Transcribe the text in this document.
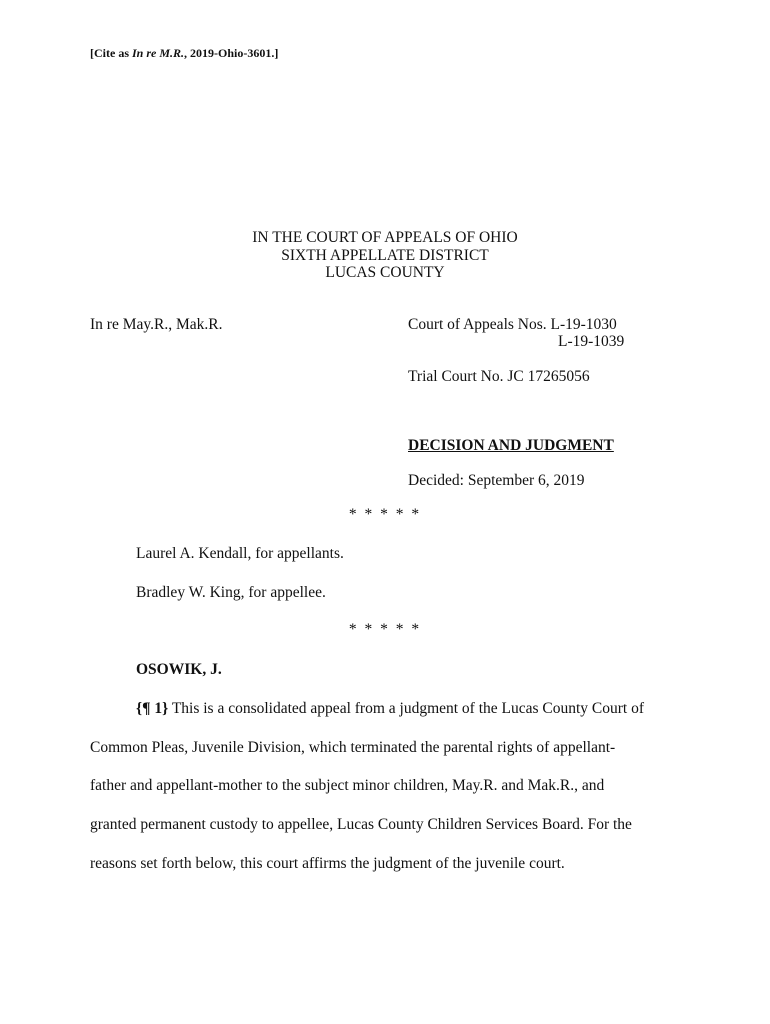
[Cite as In re M.R., 2019-Ohio-3601.]
IN THE COURT OF APPEALS OF OHIO
SIXTH APPELLATE DISTRICT
LUCAS COUNTY
In re May.R., Mak.R.	Court of Appeals Nos. L-19-1030
L-19-1039
Trial Court No. JC 17265056
DECISION AND JUDGMENT
Decided: September 6, 2019
* * * * *
Laurel A. Kendall, for appellants.
Bradley W. King, for appellee.
* * * * *
OSOWIK, J.
{¶ 1} This is a consolidated appeal from a judgment of the Lucas County Court of
Common Pleas, Juvenile Division, which terminated the parental rights of appellant-
father and appellant-mother to the subject minor children, May.R. and Mak.R., and
granted permanent custody to appellee, Lucas County Children Services Board. For the
reasons set forth below, this court affirms the judgment of the juvenile court.
